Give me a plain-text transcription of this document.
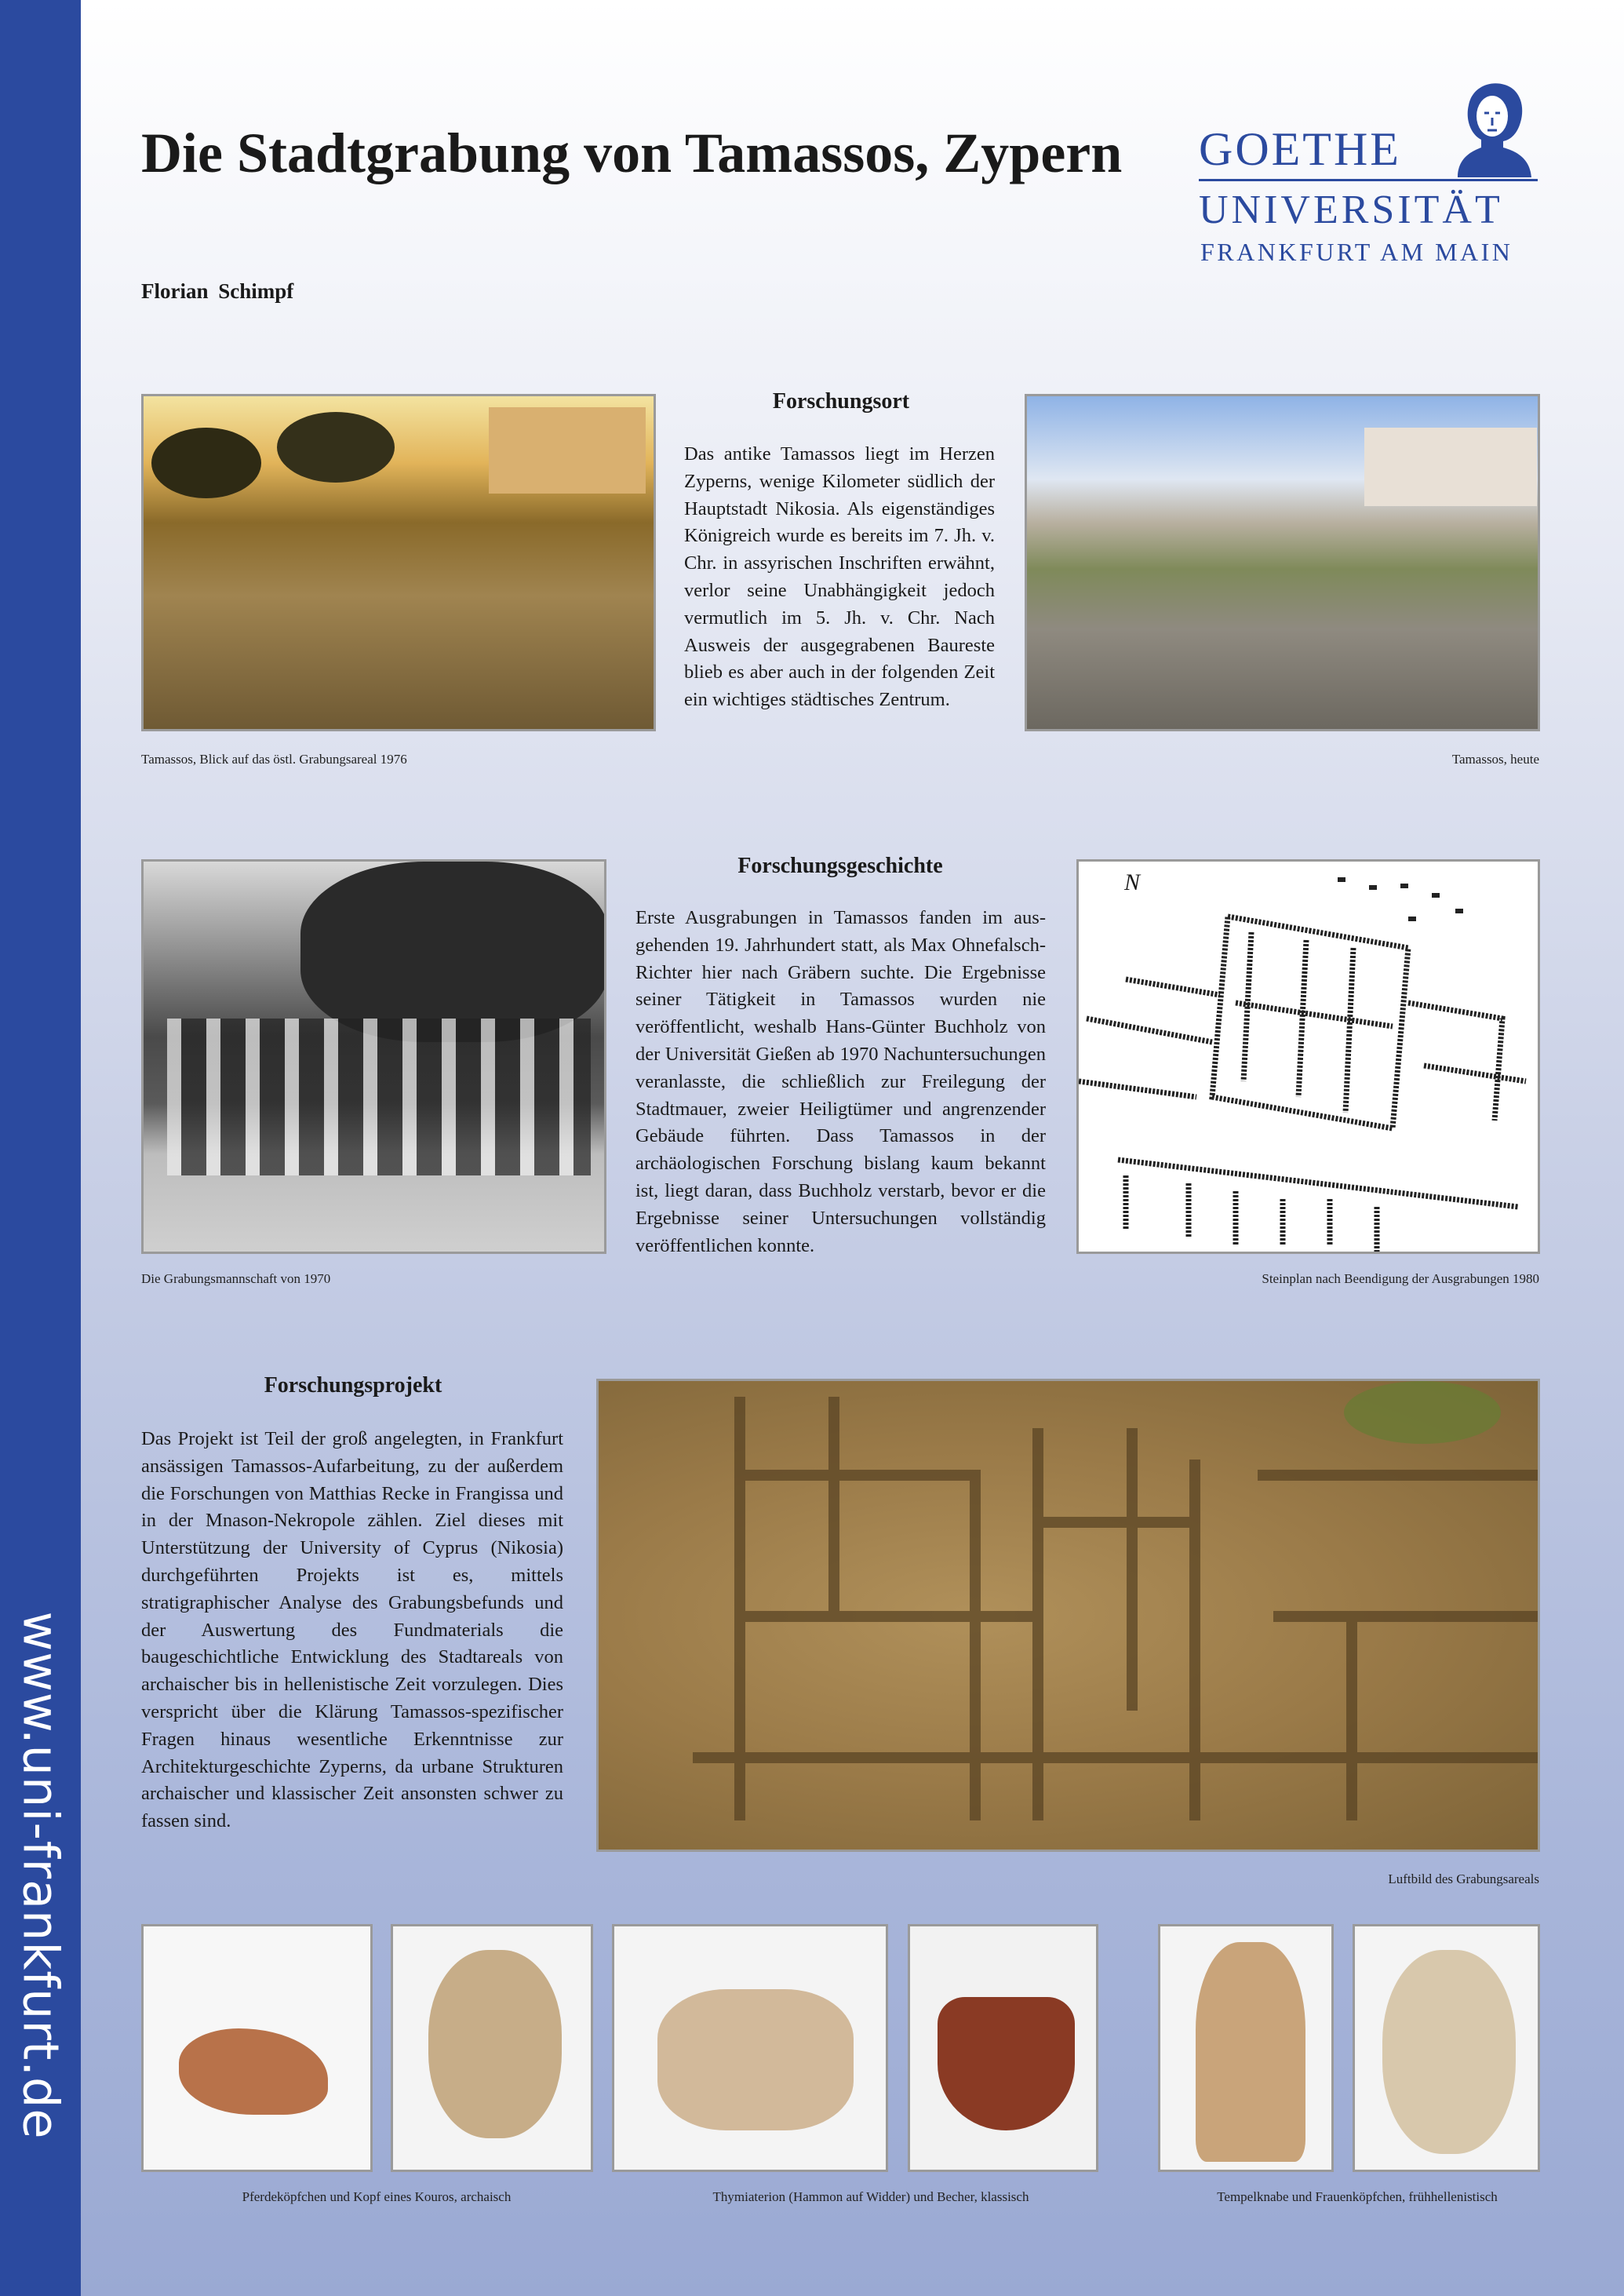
www.uni-frankfurt.de
Die Stadtgrabung von Tamassos, Zypern
Florian Schimpf
GOETHE
UNIVERSITÄT
FRANKFURT AM MAIN
Forschungsort
Das antike Tamassos liegt im Herzen Zyperns, wenige Kilometer südlich der Hauptstadt Nikosia. Als eigenständiges Königreich wurde es bereits im 7. Jh. v. Chr. in assyrischen Inschriften erwähnt, verlor seine Unabhängigkeit jedoch vermutlich im 5. Jh. v. Chr. Nach Ausweis der ausgegrabenen Baureste blieb es aber auch in der folgenden Zeit ein wichtiges städtisches Zentrum.
Tamassos, Blick auf das östl. Grabungsareal 1976	Tamassos, heute
Forschungsgeschichte
Erste Ausgrabungen in Tamassos fanden im ausgehenden 19. Jahrhundert statt, als Max Ohnefalsch-Richter hier nach Gräbern suchte. Die Ergebnisse seiner Tätigkeit in Tamassos wurden nie veröffentlicht, weshalb Hans-Günter Buchholz von der Universität Gießen ab 1970 Nachuntersuchungen veranlasste, die schließlich zur Freilegung der Stadtmauer, zweier Heiligtümer und angrenzender Gebäude führten. Dass Tamassos in der archäologischen Forschung bislang kaum bekannt ist, liegt daran, dass Buchholz verstarb, bevor er die Ergebnisse seiner Untersuchungen vollständig veröffentlichen konnte.
N
Die Grabungsmannschaft von 1970	Steinplan nach Beendigung der Ausgrabungen 1980
Forschungsprojekt
Das Projekt ist Teil der groß angelegten, in Frankfurt ansässigen Tamassos-Aufarbeitung, zu der außerdem die Forschungen von Matthias Recke in Frangissa und in der Mnason-Nekropole zählen. Ziel dieses mit Unterstützung der University of Cyprus (Nikosia) durchgeführten Projekts ist es, mittels stratigraphischer Analyse des Grabungsbefunds und der Auswertung des Fundmaterials die baugeschichtliche Entwicklung des Stadtareals von archaischer bis in hellenistische Zeit vorzulegen. Dies verspricht über die Klärung Tamassos-spezifischer Fragen hinaus wesentliche Erkenntnisse zur Architekturgeschichte Zyperns, da urbane Strukturen archaischer und klassischer Zeit ansonsten schwer zu fassen sind.
Luftbild des Grabungsareals
Pferdeköpfchen und Kopf eines Kouros, archaisch	Thymiaterion (Hammon auf Widder) und Becher, klassisch	Tempelknabe und Frauenköpfchen, frühhellenistisch
